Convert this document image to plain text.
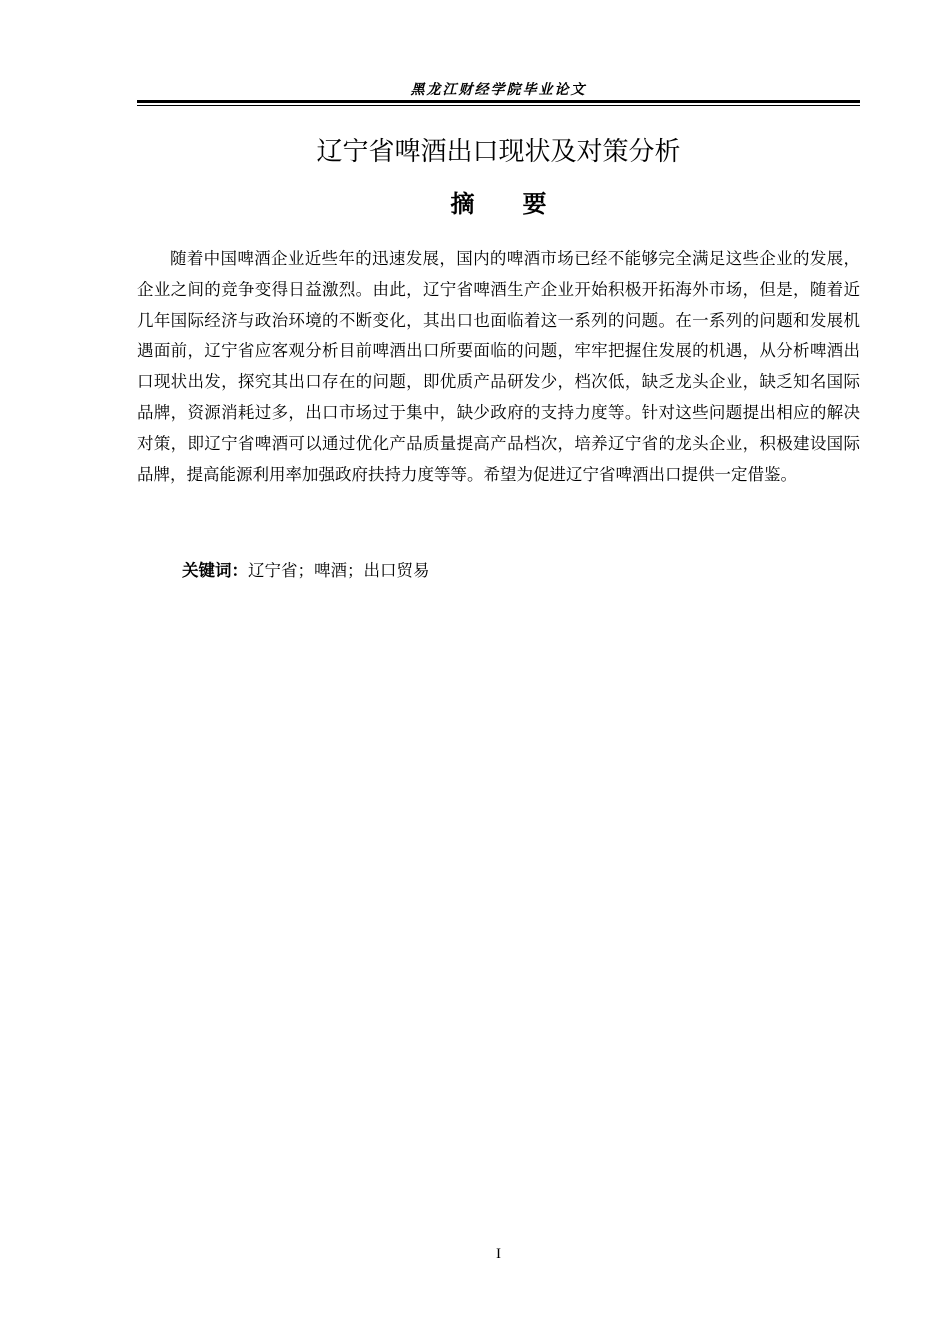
黑龙江财经学院毕业论文
辽宁省啤酒出口现状及对策分析
摘要

随着中国啤酒企业近些年的迅速发展，国内的啤酒市场已经不能够完全满足这些企业的发展，企业之间的竞争变得日益激烈。由此，辽宁省啤酒生产企业开始积极开拓海外市场，但是，随着近几年国际经济与政治环境的不断变化，其出口也面临着这一系列的问题。在一系列的问题和发展机遇面前，辽宁省应客观分析目前啤酒出口所要面临的问题，牢牢把握住发展的机遇，从分析啤酒出口现状出发，探究其出口存在的问题，即优质产品研发少，档次低，缺乏龙头企业，缺乏知名国际品牌，资源消耗过多，出口市场过于集中，缺少政府的支持力度等。针对这些问题提出相应的解决对策，即辽宁省啤酒可以通过优化产品质量提高产品档次，培养辽宁省的龙头企业，积极建设国际品牌，提高能源利用率加强政府扶持力度等等。希望为促进辽宁省啤酒出口提供一定借鉴。

关键词：辽宁省；啤酒；出口贸易
I
